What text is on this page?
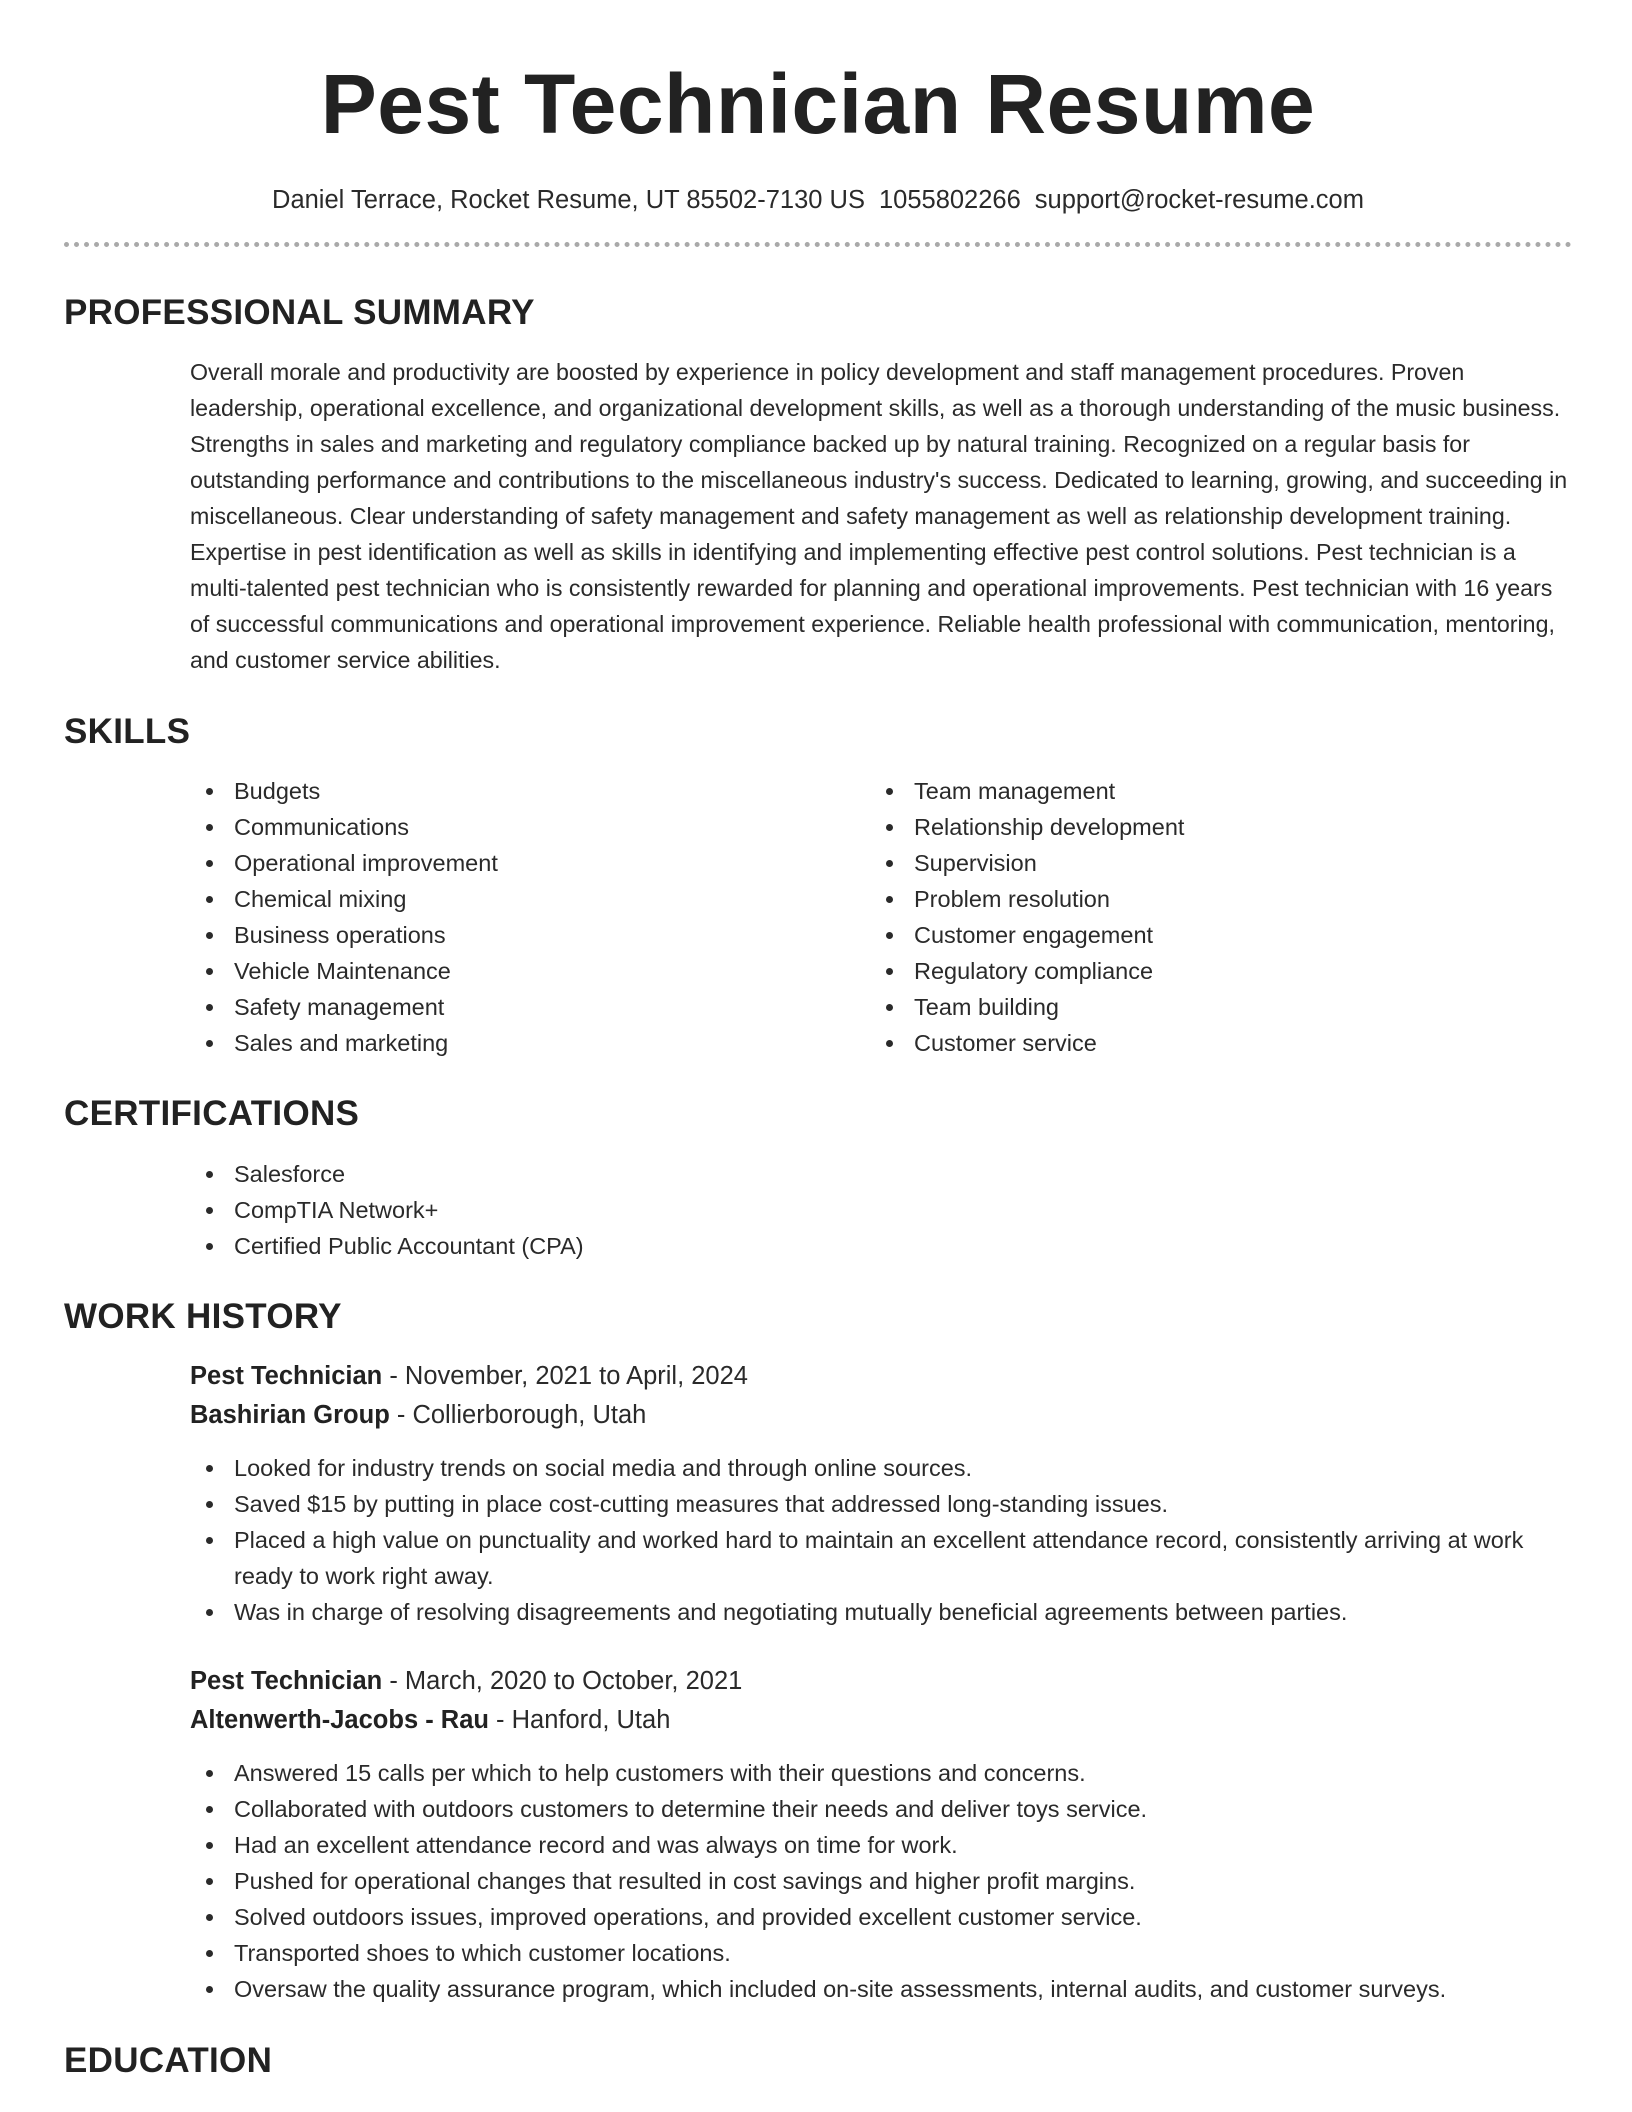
Pest Technician Resume
Daniel Terrace, Rocket Resume, UT 85502-7130 US 1055802266 support@rocket-resume.com
PROFESSIONAL SUMMARY
Overall morale and productivity are boosted by experience in policy development and staff management procedures. Proven leadership, operational excellence, and organizational development skills, as well as a thorough understanding of the music business. Strengths in sales and marketing and regulatory compliance backed up by natural training. Recognized on a regular basis for outstanding performance and contributions to the miscellaneous industry's success. Dedicated to learning, growing, and succeeding in miscellaneous. Clear understanding of safety management and safety management as well as relationship development training. Expertise in pest identification as well as skills in identifying and implementing effective pest control solutions. Pest technician is a multi-talented pest technician who is consistently rewarded for planning and operational improvements. Pest technician with 16 years of successful communications and operational improvement experience. Reliable health professional with communication, mentoring, and customer service abilities.
SKILLS
Budgets
Communications
Operational improvement
Chemical mixing
Business operations
Vehicle Maintenance
Safety management
Sales and marketing
Team management
Relationship development
Supervision
Problem resolution
Customer engagement
Regulatory compliance
Team building
Customer service
CERTIFICATIONS
Salesforce
CompTIA Network+
Certified Public Accountant (CPA)
WORK HISTORY
Pest Technician - November, 2021 to April, 2024
Bashirian Group - Collierborough, Utah
Looked for industry trends on social media and through online sources.
Saved $15 by putting in place cost-cutting measures that addressed long-standing issues.
Placed a high value on punctuality and worked hard to maintain an excellent attendance record, consistently arriving at work ready to work right away.
Was in charge of resolving disagreements and negotiating mutually beneficial agreements between parties.
Pest Technician - March, 2020 to October, 2021
Altenwerth-Jacobs - Rau - Hanford, Utah
Answered 15 calls per which to help customers with their questions and concerns.
Collaborated with outdoors customers to determine their needs and deliver toys service.
Had an excellent attendance record and was always on time for work.
Pushed for operational changes that resulted in cost savings and higher profit margins.
Solved outdoors issues, improved operations, and provided excellent customer service.
Transported shoes to which customer locations.
Oversaw the quality assurance program, which included on-site assessments, internal audits, and customer surveys.
EDUCATION
